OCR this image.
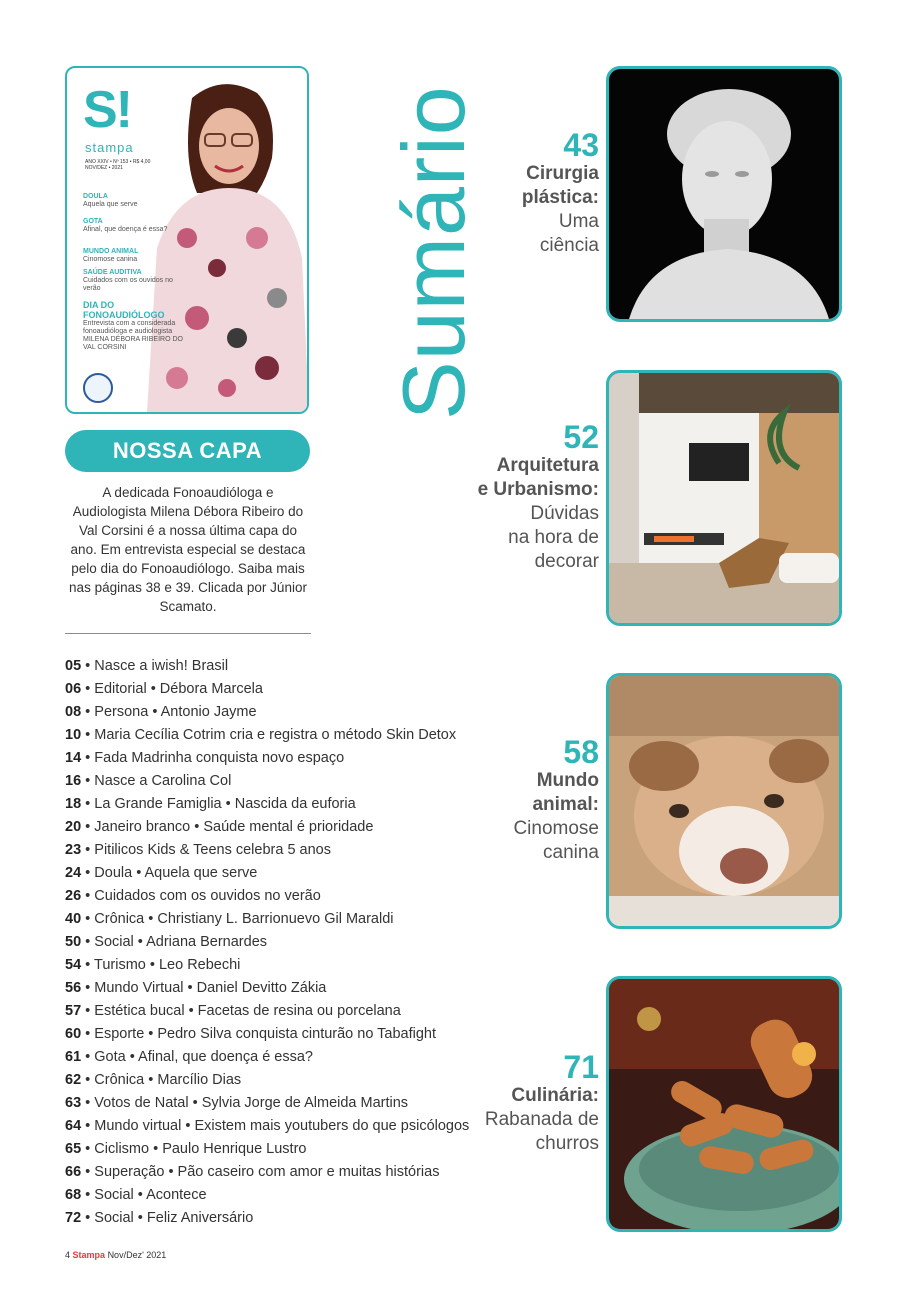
S!
stampa
ANO XXIV • Nº 153 • R$ 4,00 NOV/DEZ • 2021
DOULA
Aquela que serve
GOTA
Afinal, que doença é essa?
MUNDO ANIMAL
Cinomose canina
SAÚDE AUDITIVA
Cuidados com os ouvidos no verão
DIA DO FONOAUDIÓLOGO
Entrevista com a considerada fonoaudióloga e audiologista MILENA DÉBORA RIBEIRO DO VAL CORSINI
NOSSA CAPA
A dedicada Fonoaudióloga e Audiologista Milena Débora Ribeiro do Val Corsini é a nossa última capa do ano. Em entrevista especial se destaca pelo dia do Fonoaudiólogo. Saiba mais nas páginas 38 e 39. Clicada por Júnior Scamato.
05 • Nasce a iwish! Brasil
06 • Editorial • Débora Marcela
08 • Persona • Antonio Jayme
10 • Maria Cecília Cotrim cria e registra o método Skin Detox
14 • Fada Madrinha conquista novo espaço
16 • Nasce a Carolina Col
18 • La Grande Famiglia • Nascida da euforia
20 • Janeiro branco • Saúde mental é prioridade
23 • Pitilicos Kids & Teens celebra 5 anos
24 • Doula • Aquela que serve
26 • Cuidados com os ouvidos no verão
40 • Crônica • Christiany L. Barrionuevo Gil Maraldi
50 • Social • Adriana Bernardes
54 • Turismo • Leo Rebechi
56 • Mundo Virtual • Daniel Devitto Zákia
57 • Estética bucal • Facetas de resina ou porcelana
60 • Esporte • Pedro Silva conquista cinturão no Tabafight
61 • Gota • Afinal, que doença é essa?
62 • Crônica • Marcílio Dias
63 • Votos de Natal • Sylvia Jorge de Almeida Martins
64 • Mundo virtual • Existem mais youtubers do que psicólogos
65 • Ciclismo • Paulo Henrique Lustro
66 • Superação • Pão caseiro com amor e muitas histórias
68 • Social • Acontece
72 • Social • Feliz Aniversário
Sumário	43
Cirurgia
plástica:
Uma
ciência
52
Arquitetura
e Urbanismo:
Dúvidas
na hora de
decorar
58
Mundo
animal:
Cinomose
canina
71
Culinária:
Rabanada de
churros
4 Stampa Nov/Dez' 2021
